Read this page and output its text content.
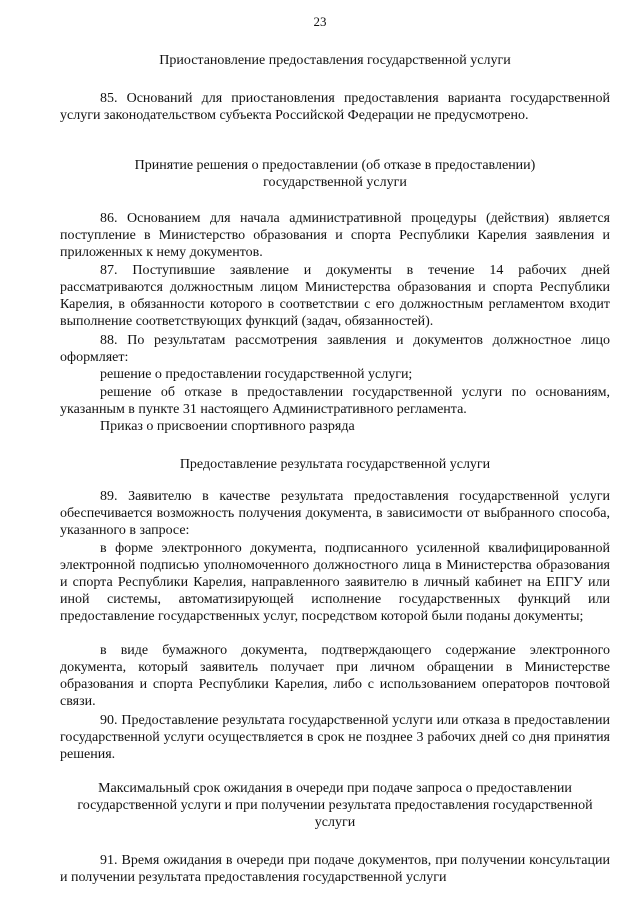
23
Приостановление предоставления государственной услуги
85. Оснований для приостановления предоставления варианта государственной услуги законодательством субъекта Российской Федерации не предусмотрено.
Принятие решения о предоставлении (об отказе в предоставлении) государственной услуги
86. Основанием для начала административной процедуры (действия) является поступление в Министерство образования и спорта Республики Карелия заявления и приложенных к нему документов.
87. Поступившие заявление и документы в течение 14 рабочих дней рассматриваются должностным лицом Министерства образования и спорта Республики Карелия, в обязанности которого в соответствии с его должностным регламентом входит выполнение соответствующих функций (задач, обязанностей).
88. По результатам рассмотрения заявления и документов должностное лицо оформляет:
решение о предоставлении государственной услуги;
решение об отказе в предоставлении государственной услуги по основаниям, указанным в пункте 31 настоящего Административного регламента.
Приказ о присвоении спортивного разряда
Предоставление результата государственной услуги
89. Заявителю в качестве результата предоставления государственной услуги обеспечивается возможность получения документа, в зависимости от выбранного способа, указанного в запросе:
в форме электронного документа, подписанного усиленной квалифицированной электронной подписью уполномоченного должностного лица в Министерства образования и спорта Республики Карелия, направленного заявителю в личный кабинет на ЕПГУ или иной системы, автоматизирующей исполнение государственных функций или предоставление государственных услуг, посредством которой были поданы документы;
в виде бумажного документа, подтверждающего содержание электронного документа, который заявитель получает при личном обращении в Министерстве образования и спорта Республики Карелия, либо с использованием операторов почтовой связи.
90. Предоставление результата государственной услуги или отказа в предоставлении государственной услуги осуществляется в срок не позднее 3 рабочих дней со дня принятия решения.
Максимальный срок ожидания в очереди при подаче запроса о предоставлении государственной услуги и при получении результата предоставления государственной услуги
91. Время ожидания в очереди при подаче документов, при получении консультации и получении результата предоставления государственной услуги
